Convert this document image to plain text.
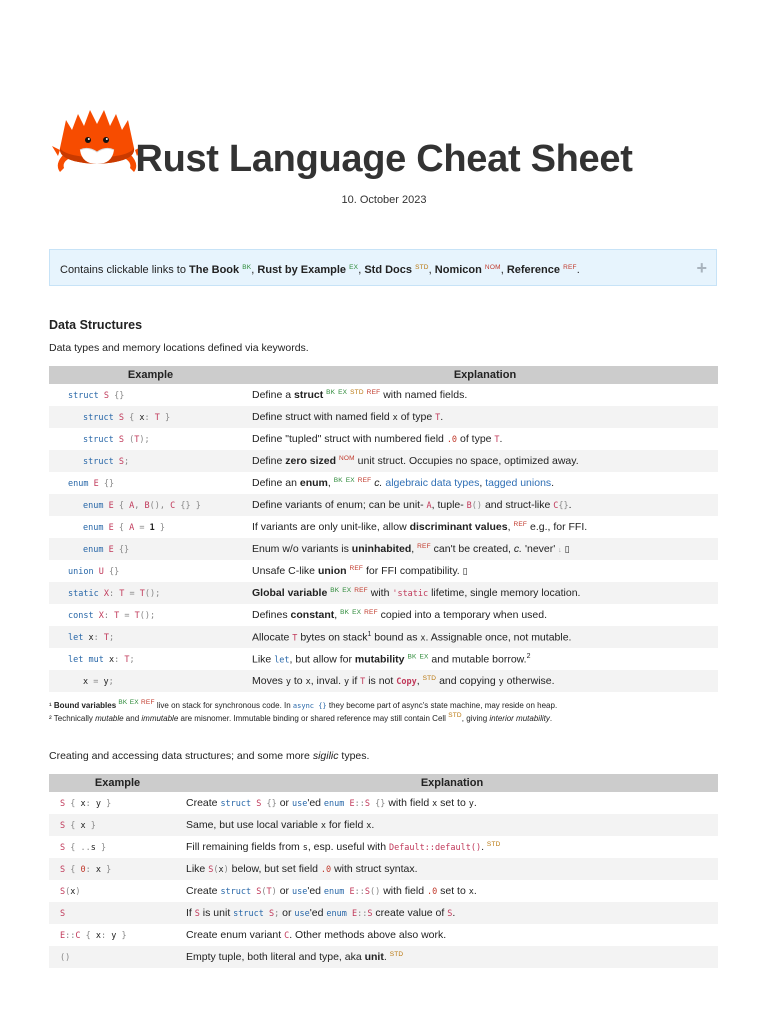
Rust Language Cheat Sheet
10. October 2023
Contains clickable links to The Book $^{BK}$, Rust by Example $^{EX}$, Std Docs $^{STD}$, Nomicon $^{NOM}$, Reference $^{REF}$.	+
Data Structures
Data types and memory locations defined via keywords.
Example	Explanation
struct S {}	Define a struct $^{BK}$ $^{EX}$ $^{STD}$ $^{REF}$ with named fields.
struct S { x: T }	Define struct with named field x of type T.
struct S (T);	Define "tupled" struct with numbered field .0 of type T.
struct S;	Define zero sized $^{NOM}$ unit struct. Occupies no space, optimized away.
enum E {}	Define an enum, $^{BK}$ $^{EX}$ $^{REF}$ c. algebraic data types, tagged unions.
enum E { A, B(), C {} }	Define variants of enum; can be unit- A, tuple- B() and struct-like C{}.
enum E { A = 1 }	If variants are only unit-like, allow discriminant values, $^{REF}$ e.g., for FFI.
enum E {}	Enum w/o variants is uninhabited, $^{REF}$ can't be created, c. 'never' ↓ ▯
union U {}	Unsafe C-like union $^{REF}$ for FFI compatibility. ▯
static X: T = T();	Global variable $^{BK}$ $^{EX}$ $^{REF}$ with 'static lifetime, single memory location.
const X: T = T();	Defines constant, $^{BK}$ $^{EX}$ $^{REF}$ copied into a temporary when used.
let x: T;	Allocate T bytes on stack$^1$ bound as x. Assignable once, not mutable.
let mut x: T;	Like let, but allow for mutability $^{BK}$ $^{EX}$ and mutable borrow.$^2$
x = y;	Moves y to x, inval. y if T is not Copy, $^{STD}$ and copying y otherwise.
¹ Bound variables $^{BK}$ $^{EX}$ $^{REF}$ live on stack for synchronous code. In async {} they become part of async's state machine, may reside on heap.
² Technically mutable and immutable are misnomer. Immutable binding or shared reference may still contain Cell $^{STD}$, giving interior mutability.
Creating and accessing data structures; and some more sigilic types.
Example	Explanation
S { x: y }	Create struct S {} or use'ed enum E::S {} with field x set to y.
S { x }	Same, but use local variable x for field x.
S { ..s }	Fill remaining fields from s, esp. useful with Default::default(). $^{STD}$
S { 0: x }	Like S(x) below, but set field .0 with struct syntax.
S(x)	Create struct S(T) or use'ed enum E::S() with field .0 set to x.
S	If S is unit struct S; or use'ed enum E::S create value of S.
E::C { x: y }	Create enum variant C. Other methods above also work.
()	Empty tuple, both literal and type, aka unit. $^{STD}$
